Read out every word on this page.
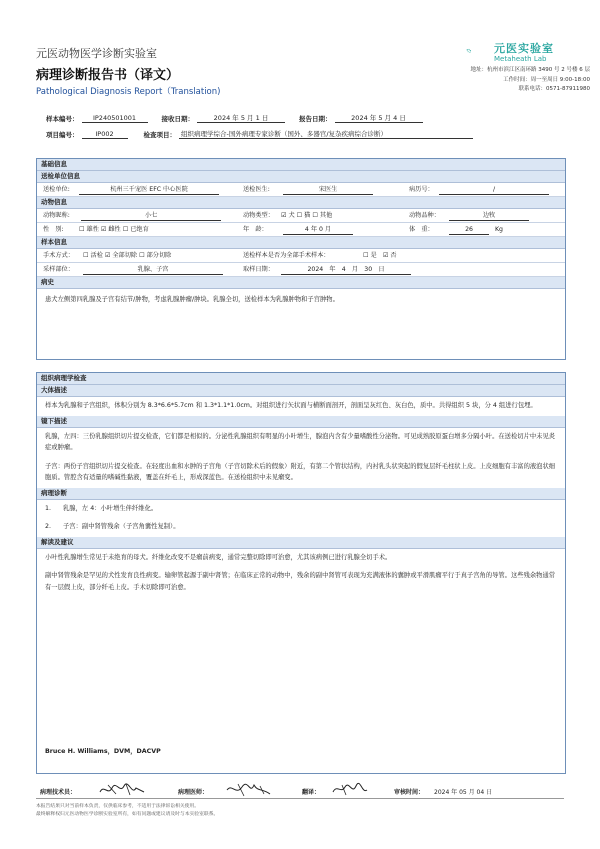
元医动物医学诊断实验室
病理诊断报告书（译文）
Pathological Diagnosis Report（Translation)
元医实验室
Metaheath Lab
地址：杭州市滨江区南环路 3490 号 2 号楼 6 层
工作时间：周一至周日 9:00-18:00
联系电话：0571-87911980
样本编号：	IP240501001	接收日期：	2024 年 5 月 1 日	报告日期：	2024 年 5 月 4 日
项目编号：	IP002	检查项目： 组织病理学综合-国外病理专家诊断（国外、多器官/复杂疾病综合诊断）
基础信息
送检单位信息
送检单位:	杭州三千宠医 EFC 中心医院	送检医生:	宋医生	病历号：	/
动物信息
动物昵称:	小七	动物类型： ☑ 犬 ☐ 猫 ☐ 其他	动物品种：	边牧
性　别: ☐ 雄性 ☑ 雌性 ☐ 已绝育	年　龄：	4 年 0 月	体　重：	26	Kg
样本信息
手术方式： ☐ 活检 ☑ 全部切除 ☐ 部分切除	送检样本是否为全部手术样本：	☐ 是　☑ 否
采样部位：	乳腺、子宫	取样日期：	2024　年　4　月　30　日
病史
患犬左侧第四乳腺及子宫有结节/肿物，考虑乳腺肿瘤/肿块。乳腺全切，送检样本为乳腺肿物和子宫肿物。
组织病理学检查
大体描述
样本为乳腺和子宫组织，体积分别为 8.3*6.6*5.7cm 和 1.3*1.1*1.0cm。对组织进行矢状面与横断面剖开，剖面呈灰红色、灰白色，质中。共得组织 5 块，分 4 组进行包埋。
镜下描述
乳腺，左四：三份乳腺组织切片提交检查，它们都是相似的。分泌性乳腺组织有明显的小叶增生，腺泡内含有少量嗜酸性分泌物。可见成熟胶原蛋白增多分隔小叶。在送检切片中未见炎症或肿瘤。
子宫：两份子宫组织切片提交检查。在轻度出血和水肿的子宫角（子宫切除术后的假象）附近，有第二个管状结构，内衬乳头状突起的假复层纤毛柱状上皮。上皮细胞有丰富的液泡状细胞质。管腔含有适量的嗜碱性黏液，覆盖在纤毛上，形成深蓝色。在送检组织中未见瘤变。
病理诊断
1.	乳腺，左 4：小叶增生伴纤维化。
2.	子宫：副中肾管残余（子宫角囊性复制）。
解读及建议
小叶性乳腺增生常见于未绝育的母犬。纤维化改变不是瘤前病变，通常完整切除即可治愈，尤其该病例已进行乳腺全切手术。
副中肾管残余是罕见的犬性发育良性病变。输卵管起源于副中肾管；在临床正常的动物中，残余的副中肾管可表现为充满液体的囊肿或平滑肌瘤平行于真子宫角的导管。这些残余物通常有一层假上皮，部分纤毛上皮。手术切除即可治愈。
Bruce H. Williams，DVM，DACVP
病理技术员：	病理医师：	翻译：	审核时间： 2024 年 05 月 04 日
本报告结果只对当前样本负责，仅供临床参考，不适用于法律诉讼相关使用。
最终解释权归元医动物医学诊断实验室所有，如有问题或建议请及时与本实验室联系。
